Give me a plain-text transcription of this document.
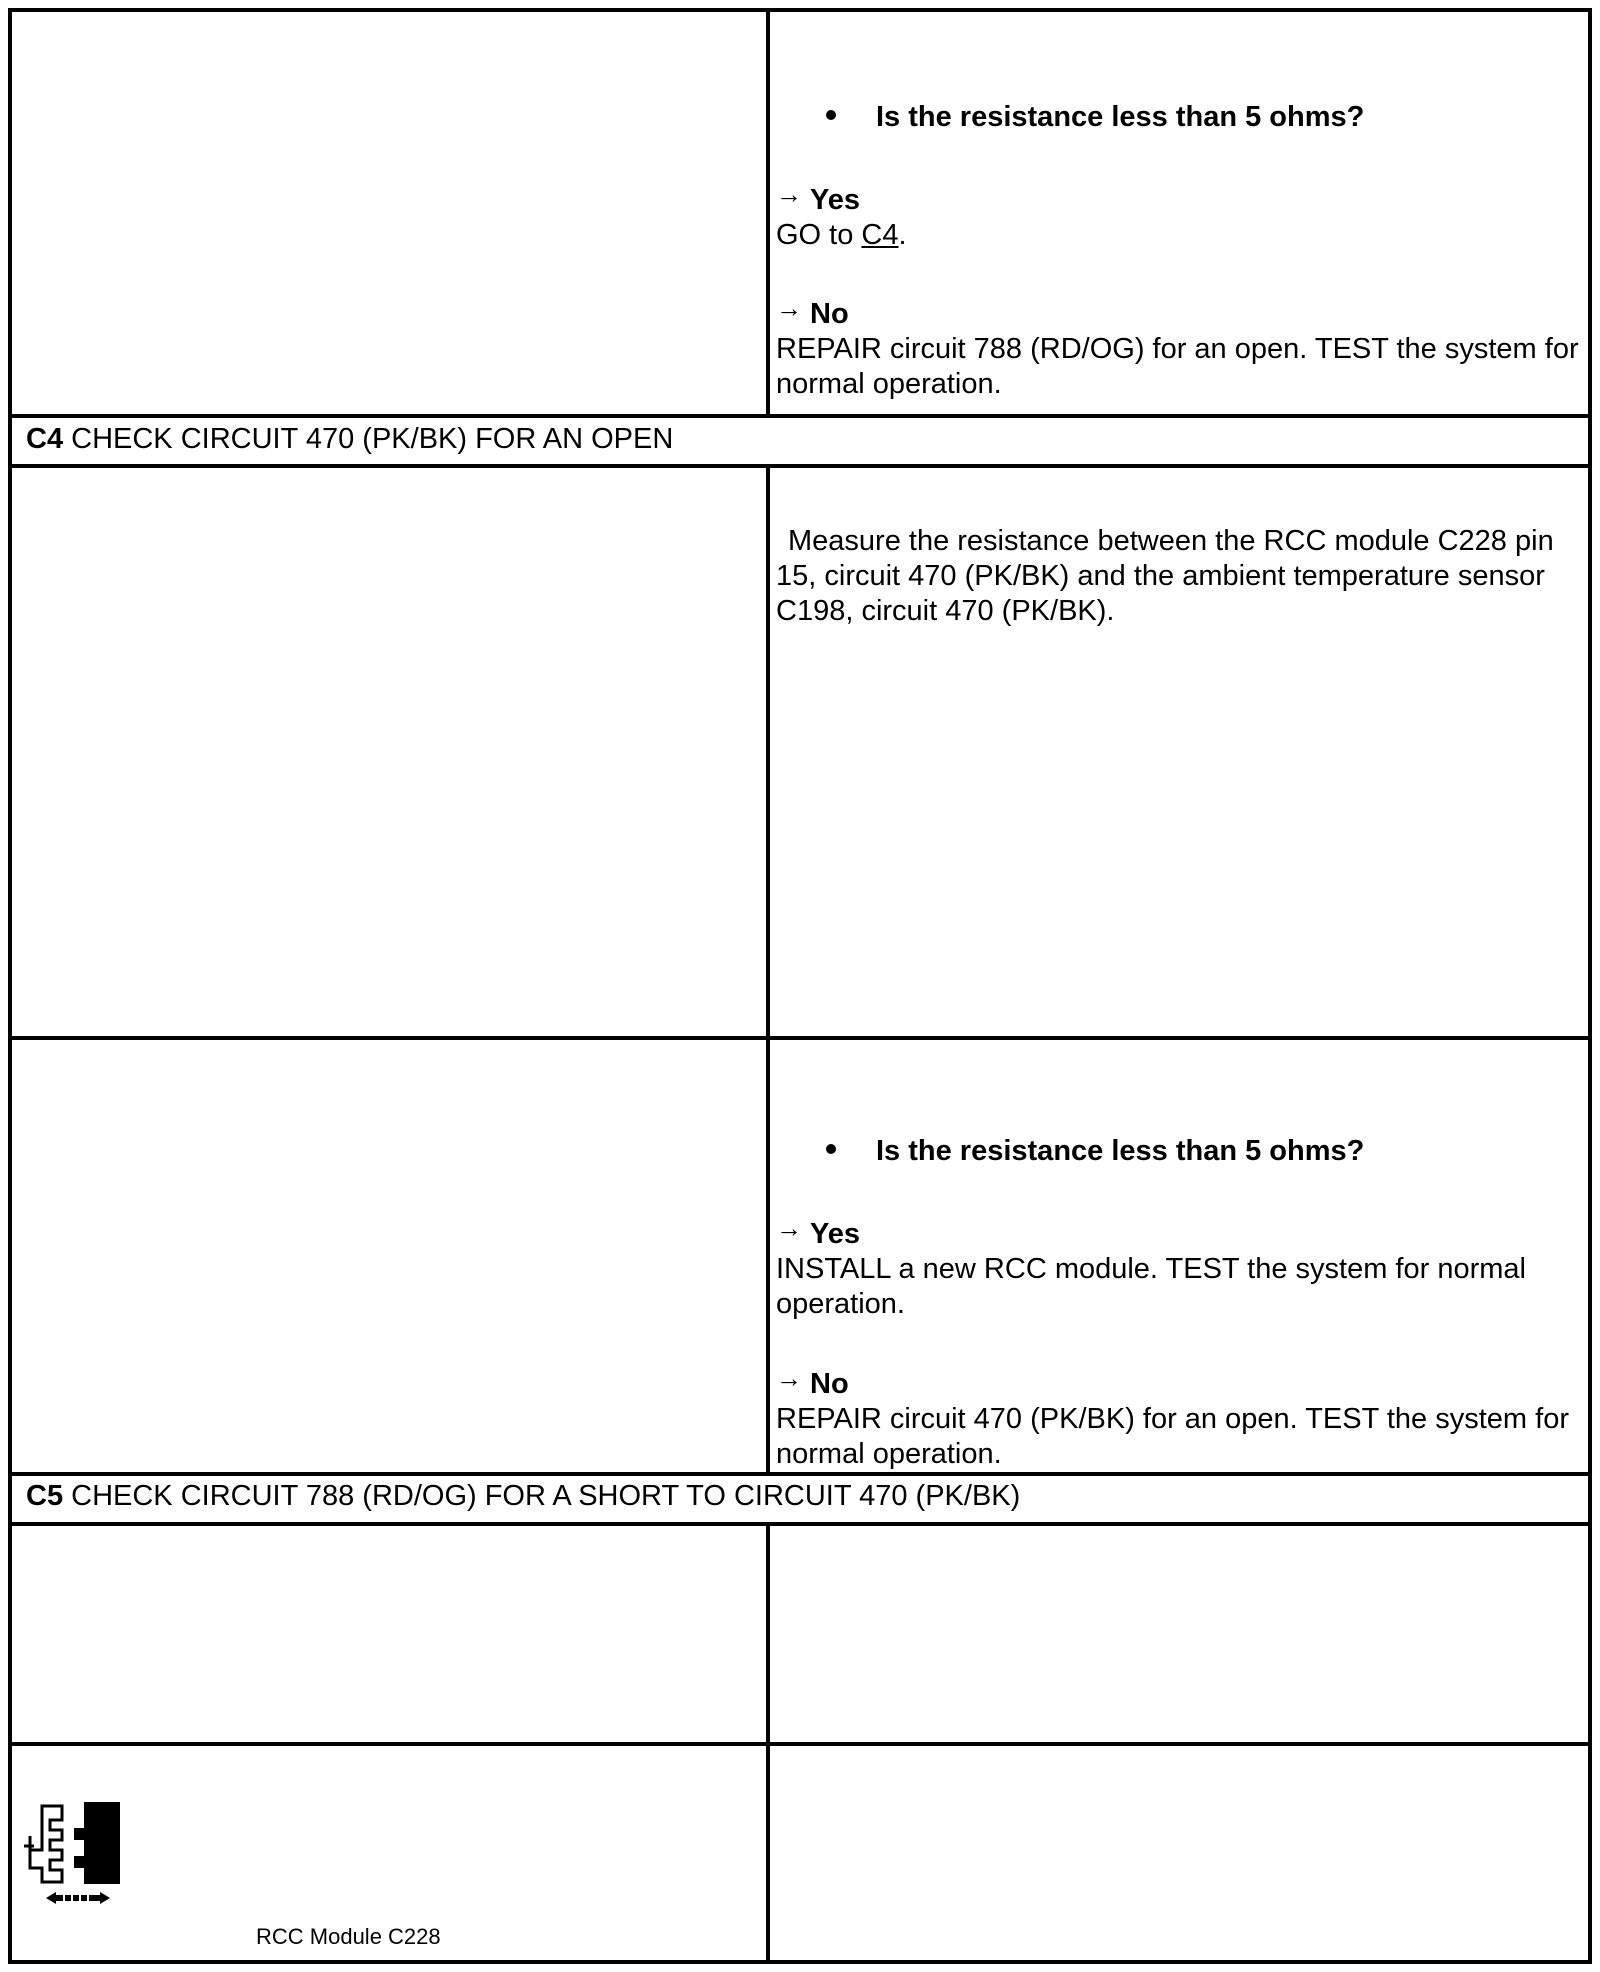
Is the resistance less than 5 ohms?
→ Yes
GO to C4.
→ No
REPAIR circuit 788 (RD/OG) for an open. TEST the system for normal operation.
C4 CHECK CIRCUIT 470 (PK/BK) FOR AN OPEN
Measure the resistance between the RCC module C228 pin 15, circuit 470 (PK/BK) and the ambient temperature sensor C198, circuit 470 (PK/BK).
Is the resistance less than 5 ohms?
→ Yes
INSTALL a new RCC module. TEST the system for normal operation.
→ No
REPAIR circuit 470 (PK/BK) for an open. TEST the system for normal operation.
C5 CHECK CIRCUIT 788 (RD/OG) FOR A SHORT TO CIRCUIT 470 (PK/BK)
RCC Module C228
